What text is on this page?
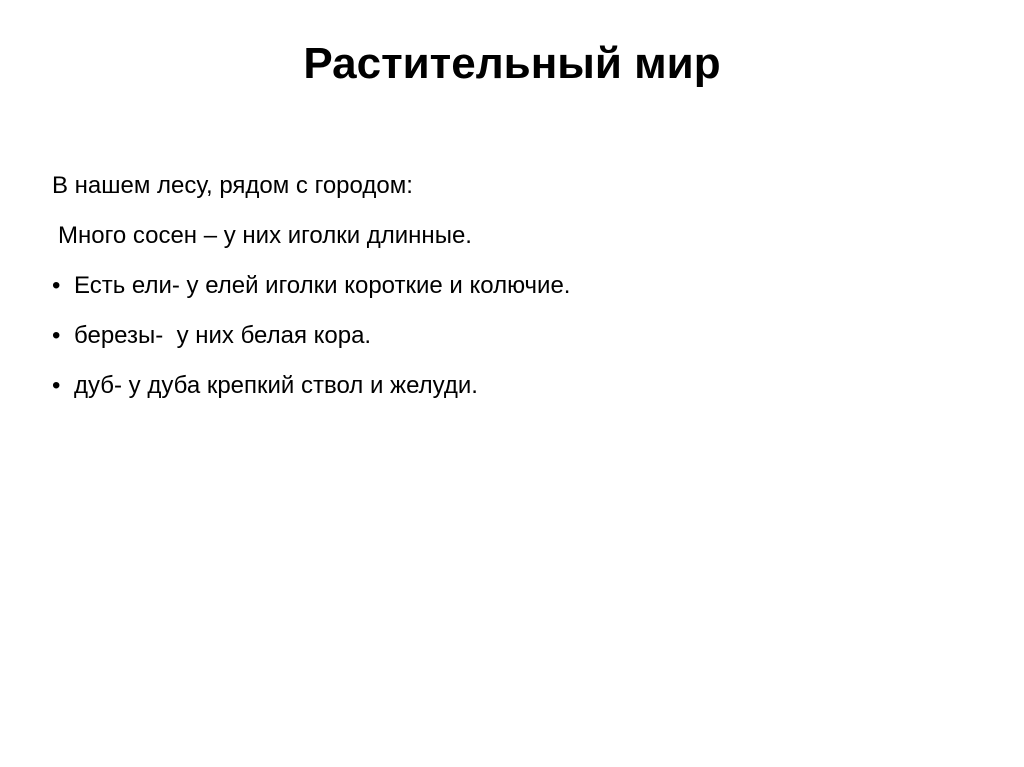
Растительный мир
В нашем лесу, рядом с городом:
Много сосен – у них иголки длинные.
• Есть ели- у елей иголки короткие и колючие.
• березы-  у них белая кора.
• дуб- у дуба крепкий ствол и желуди.
